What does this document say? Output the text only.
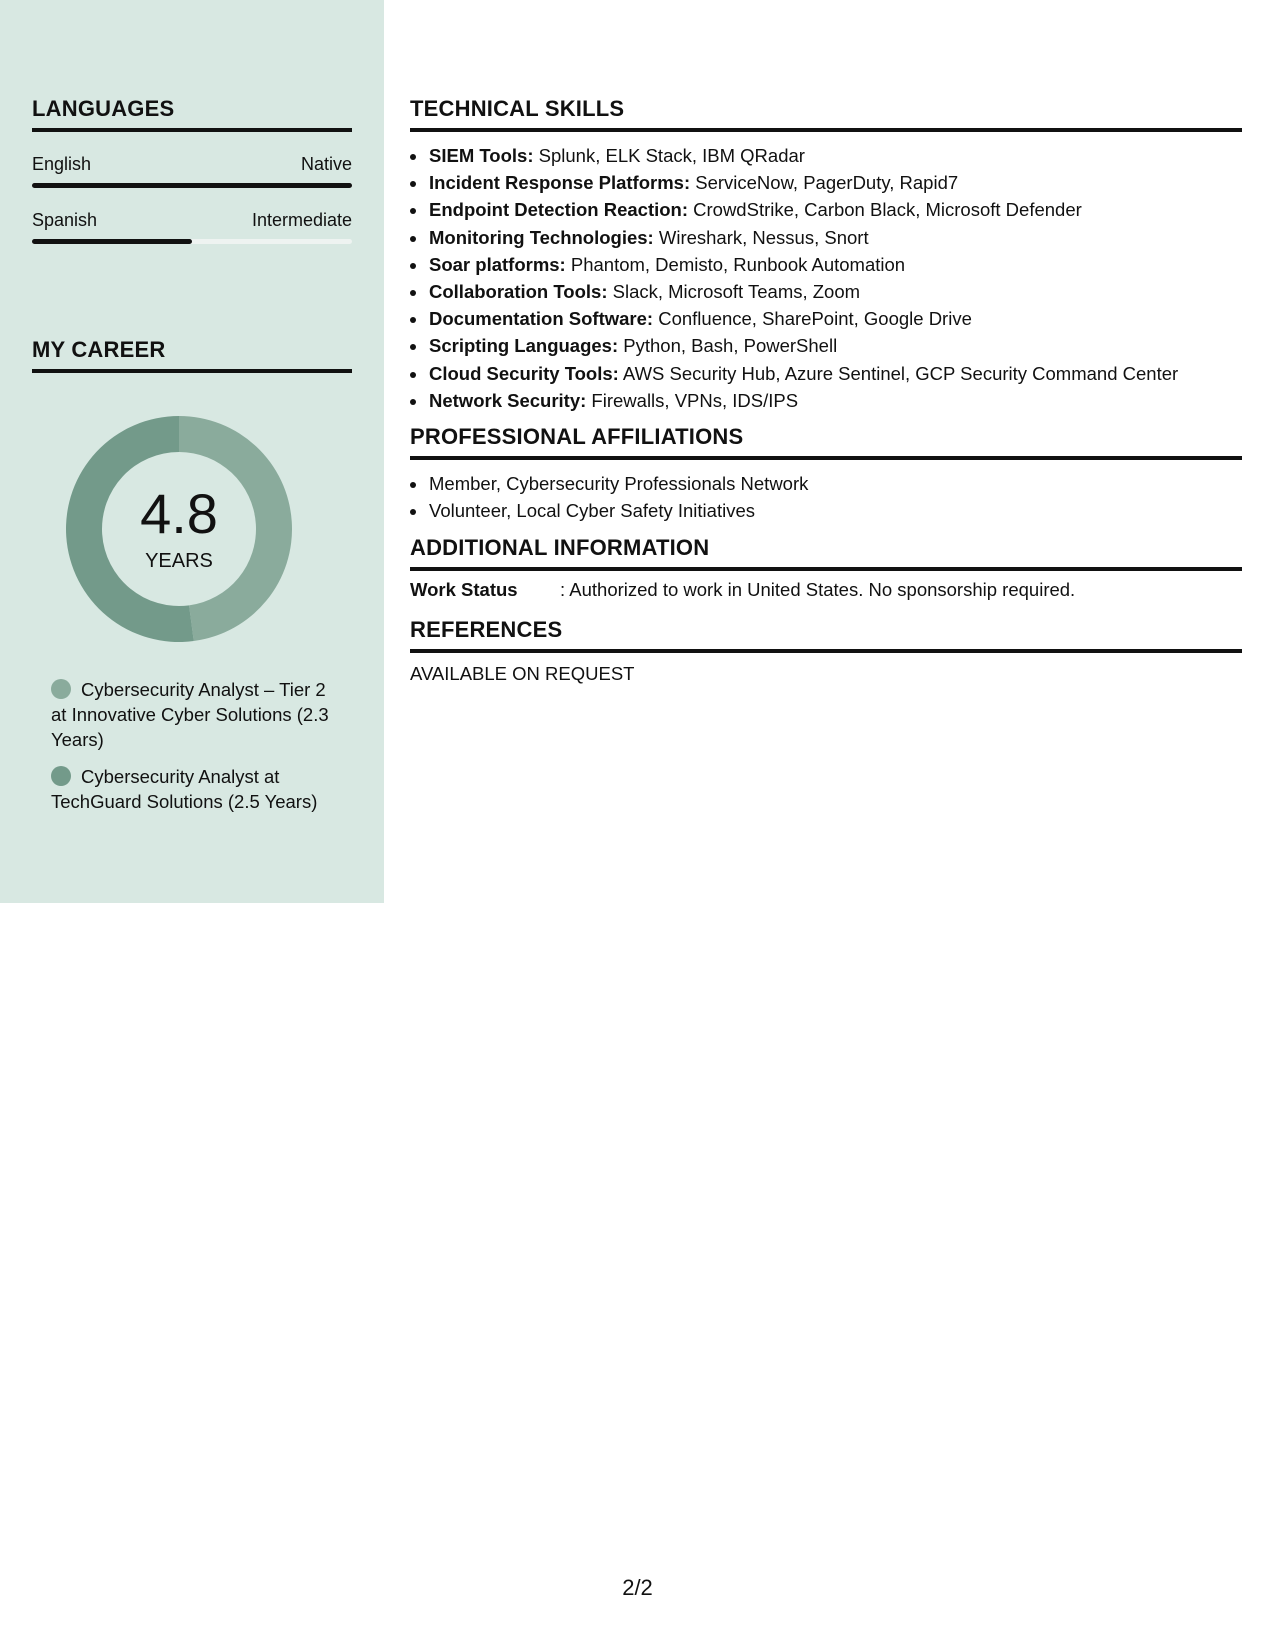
LANGUAGES
English	Native
Spanish	Intermediate
MY CAREER
4.8
YEARS
Cybersecurity Analyst – Tier 2 at Innovative Cyber Solutions (2.3 Years)
Cybersecurity Analyst at TechGuard Solutions (2.5 Years)
TECHNICAL SKILLS
• SIEM Tools: Splunk, ELK Stack, IBM QRadar
• Incident Response Platforms: ServiceNow, PagerDuty, Rapid7
• Endpoint Detection Reaction: CrowdStrike, Carbon Black, Microsoft Defender
• Monitoring Technologies: Wireshark, Nessus, Snort
• Soar platforms: Phantom, Demisto, Runbook Automation
• Collaboration Tools: Slack, Microsoft Teams, Zoom
• Documentation Software: Confluence, SharePoint, Google Drive
• Scripting Languages: Python, Bash, PowerShell
• Cloud Security Tools: AWS Security Hub, Azure Sentinel, GCP Security Command Center
• Network Security: Firewalls, VPNs, IDS/IPS
PROFESSIONAL AFFILIATIONS
• Member, Cybersecurity Professionals Network
• Volunteer, Local Cyber Safety Initiatives
ADDITIONAL INFORMATION
Work Status	: Authorized to work in United States. No sponsorship required.
REFERENCES
AVAILABLE ON REQUEST
2/2
